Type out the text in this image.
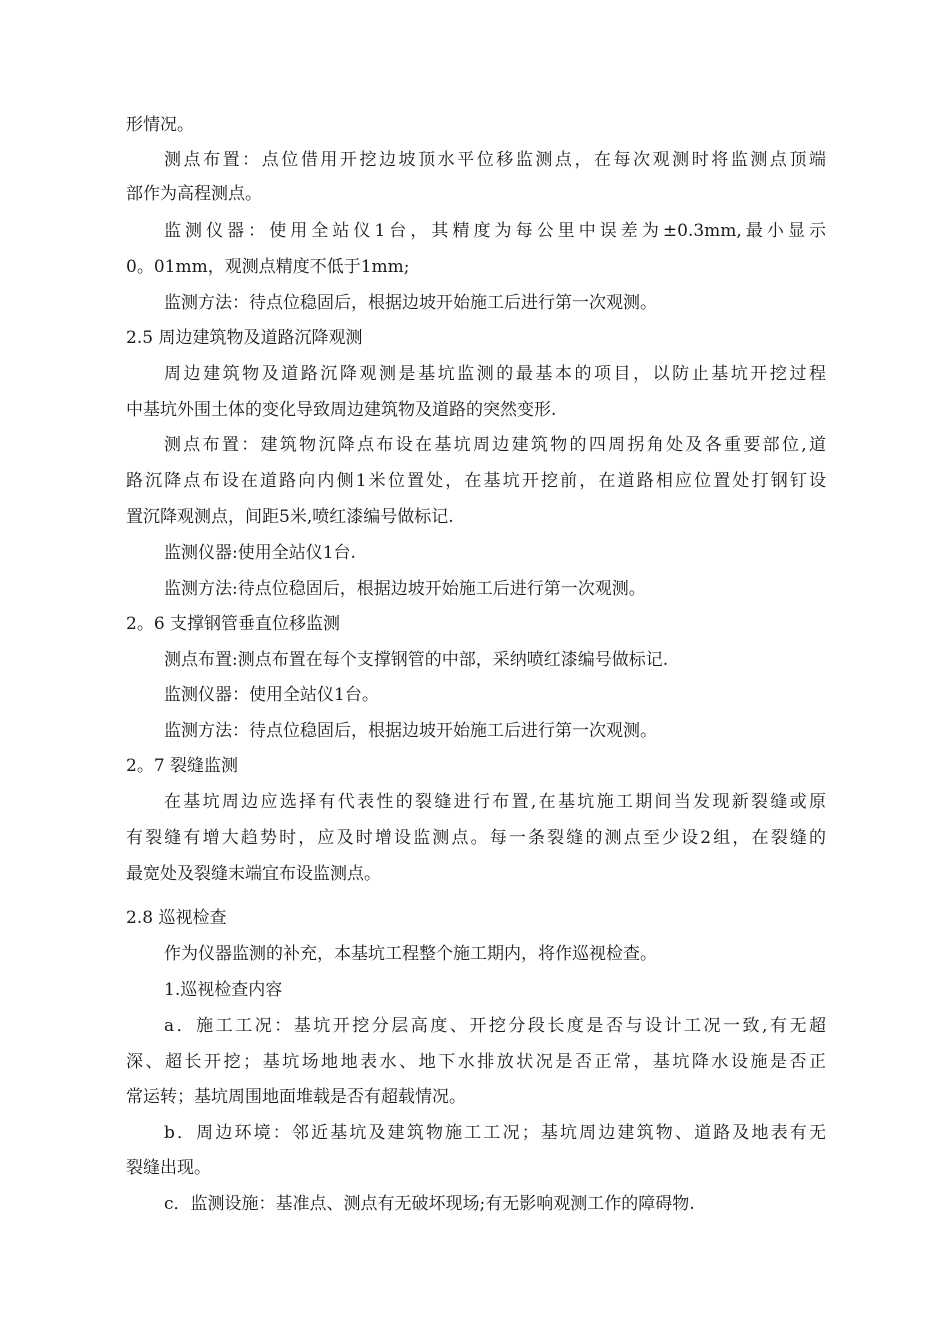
形情况。
测点布置：点位借用开挖边坡顶水平位移监测点，在每次观测时将监测点顶端
部作为高程测点。
监测仪器：使用全站仪1台，其精度为每公里中误差为±0.3mm,最小显示
0。01mm，观测点精度不低于1mm;
监测方法：待点位稳固后，根据边坡开始施工后进行第一次观测。
2.5 周边建筑物及道路沉降观测
周边建筑物及道路沉降观测是基坑监测的最基本的项目，以防止基坑开挖过程
中基坑外围土体的变化导致周边建筑物及道路的突然变形.
测点布置：建筑物沉降点布设在基坑周边建筑物的四周拐角处及各重要部位,道
路沉降点布设在道路向内侧1米位置处，在基坑开挖前，在道路相应位置处打钢钉设
置沉降观测点，间距5米,喷红漆编号做标记.
监测仪器:使用全站仪1台.
监测方法:待点位稳固后，根据边坡开始施工后进行第一次观测。
2。6 支撑钢管垂直位移监测
测点布置:测点布置在每个支撑钢管的中部，采纳喷红漆编号做标记.
监测仪器：使用全站仪1台。
监测方法：待点位稳固后，根据边坡开始施工后进行第一次观测。
2。7 裂缝监测
在基坑周边应选择有代表性的裂缝进行布置,在基坑施工期间当发现新裂缝或原
有裂缝有增大趋势时，应及时增设监测点。每一条裂缝的测点至少设2组，在裂缝的
最宽处及裂缝末端宜布设监测点。
2.8 巡视检查
作为仪器监测的补充，本基坑工程整个施工期内，将作巡视检查。
1.巡视检查内容
a．施工工况：基坑开挖分层高度、开挖分段长度是否与设计工况一致,有无超
深、超长开挖；基坑场地地表水、地下水排放状况是否正常，基坑降水设施是否正
常运转；基坑周围地面堆载是否有超载情况。
b．周边环境：邻近基坑及建筑物施工工况；基坑周边建筑物、道路及地表有无
裂缝出现。
c．监测设施：基准点、测点有无破坏现场;有无影响观测工作的障碍物.
